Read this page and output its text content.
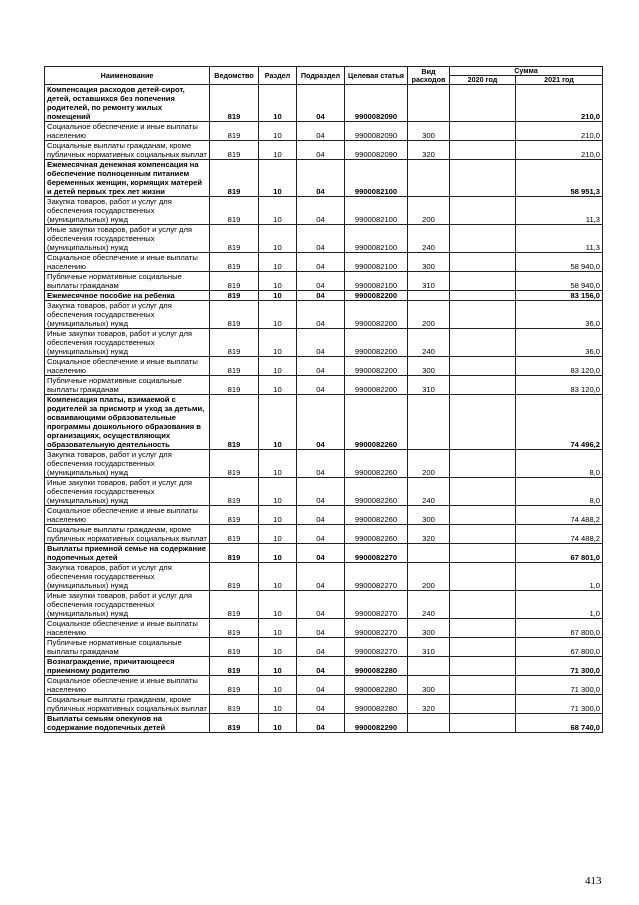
Наименование	Ведомство	Раздел	Подраздел	Целевая статья	Вид расходов	Сумма	
						2020 год	2021 год
Компенсация расходов детей-сирот, детей, оставшихся без попечения родителей, по ремонту жилых помещений	819	10	04	9900082090			210,0
Социальное обеспечение и иные выплаты населению	819	10	04	9900082090	300		210,0
Социальные выплаты гражданам, кроме публичных нормативных социальных выплат	819	10	04	9900082090	320		210,0
Ежемесячная денежная компенсация на обеспечение полноценным питанием беременных женщин, кормящих матерей и детей первых трех лет жизни	819	10	04	9900082100			58 951,3
Закупка товаров, работ и услуг для обеспечения государственных (муниципальных) нужд	819	10	04	9900082100	200		11,3
Иные закупки товаров, работ и услуг для обеспечения государственных (муниципальных) нужд	819	10	04	9900082100	240		11,3
Социальное обеспечение и иные выплаты населению	819	10	04	9900082100	300		58 940,0
Публичные нормативные социальные выплаты гражданам	819	10	04	9900082100	310		58 940,0
Ежемесячное пособие на ребенка	819	10	04	9900082200			83 156,0
Закупка товаров, работ и услуг для обеспечения государственных (муниципальных) нужд	819	10	04	9900082200	200		36,0
Иные закупки товаров, работ и услуг для обеспечения государственных (муниципальных) нужд	819	10	04	9900082200	240		36,0
Социальное обеспечение и иные выплаты населению	819	10	04	9900082200	300		83 120,0
Публичные нормативные социальные выплаты гражданам	819	10	04	9900082200	310		83 120,0
Компенсация платы, взимаемой с родителей за присмотр и уход за детьми, осваивающими образовательные программы дошкольного образования в организациях, осуществляющих образовательную деятельность	819	10	04	9900082260			74 496,2
Закупка товаров, работ и услуг для обеспечения государственных (муниципальных) нужд	819	10	04	9900082260	200		8,0
Иные закупки товаров, работ и услуг для обеспечения государственных (муниципальных) нужд	819	10	04	9900082260	240		8,0
Социальное обеспечение и иные выплаты населению	819	10	04	9900082260	300		74 488,2
Социальные выплаты гражданам, кроме публичных нормативных социальных выплат	819	10	04	9900082260	320		74 488,2
Выплаты приемной семье на содержание подопечных детей	819	10	04	9900082270			67 801,0
Закупка товаров, работ и услуг для обеспечения государственных (муниципальных) нужд	819	10	04	9900082270	200		1,0
Иные закупки товаров, работ и услуг для обеспечения государственных (муниципальных) нужд	819	10	04	9900082270	240		1,0
Социальное обеспечение и иные выплаты населению	819	10	04	9900082270	300		67 800,0
Публичные нормативные социальные выплаты гражданам	819	10	04	9900082270	310		67 800,0
Вознаграждение, причитающееся приемному родителю	819	10	04	9900082280			71 300,0
Социальное обеспечение и иные выплаты населению	819	10	04	9900082280	300		71 300,0
Социальные выплаты гражданам, кроме публичных нормативных социальных выплат	819	10	04	9900082280	320		71 300,0
Выплаты семьям опекунов на содержание подопечных детей	819	10	04	9900082290			68 740,0
413
